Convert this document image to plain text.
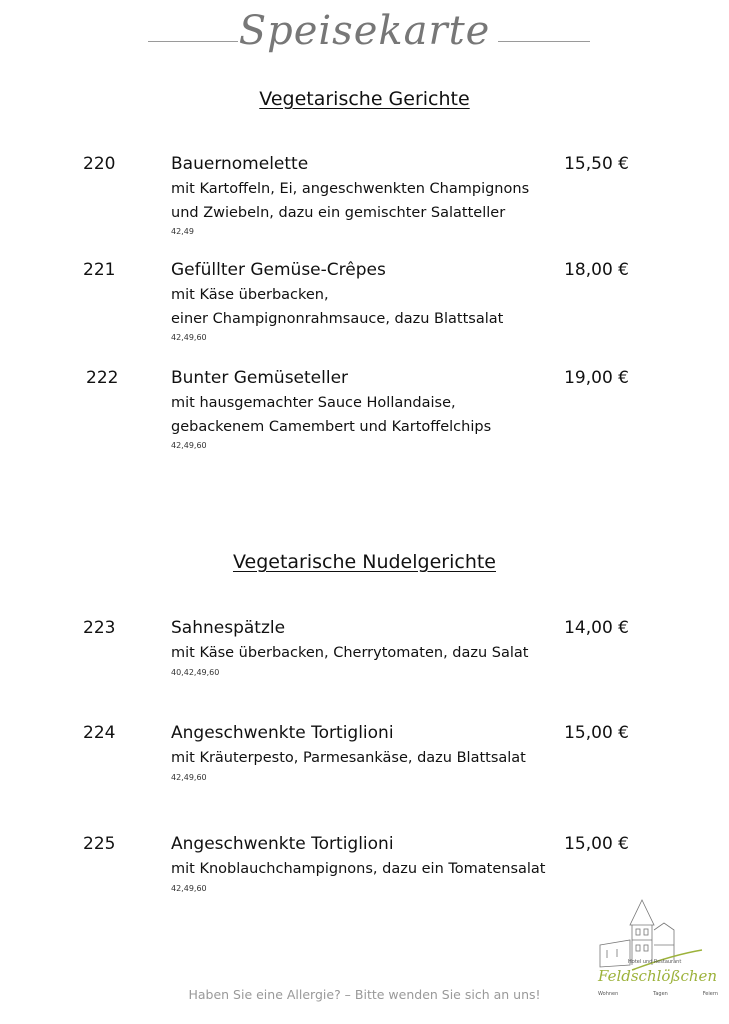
Speisekarte
Vegetarische Gerichte
220	Bauernomelette	15,50 €
mit Kartoffeln, Ei, angeschwenkten Champignons
und Zwiebeln, dazu ein gemischter Salatteller
42,49
221	Gefüllter Gemüse-Crêpes	18,00 €
mit Käse überbacken,
einer Champignonrahmsauce, dazu Blattsalat
42,49,60
222	Bunter Gemüseteller	19,00 €
mit hausgemachter Sauce Hollandaise,
gebackenem Camembert und Kartoffelchips
42,49,60
Vegetarische Nudelgerichte
223	Sahnespätzle	14,00 €
mit Käse überbacken, Cherrytomaten, dazu Salat
40,42,49,60
224	Angeschwenkte Tortiglioni	15,00 €
mit Kräuterpesto, Parmesankäse, dazu Blattsalat
42,49,60
225	Angeschwenkte Tortiglioni	15,00 €
mit Knoblauchchampignons, dazu ein Tomatensalat
42,49,60
Haben Sie eine Allergie? – Bitte wenden Sie sich an uns!
Hotel und Restaurant
Feldschlößchen
Wohnen	Tagen	Feiern
